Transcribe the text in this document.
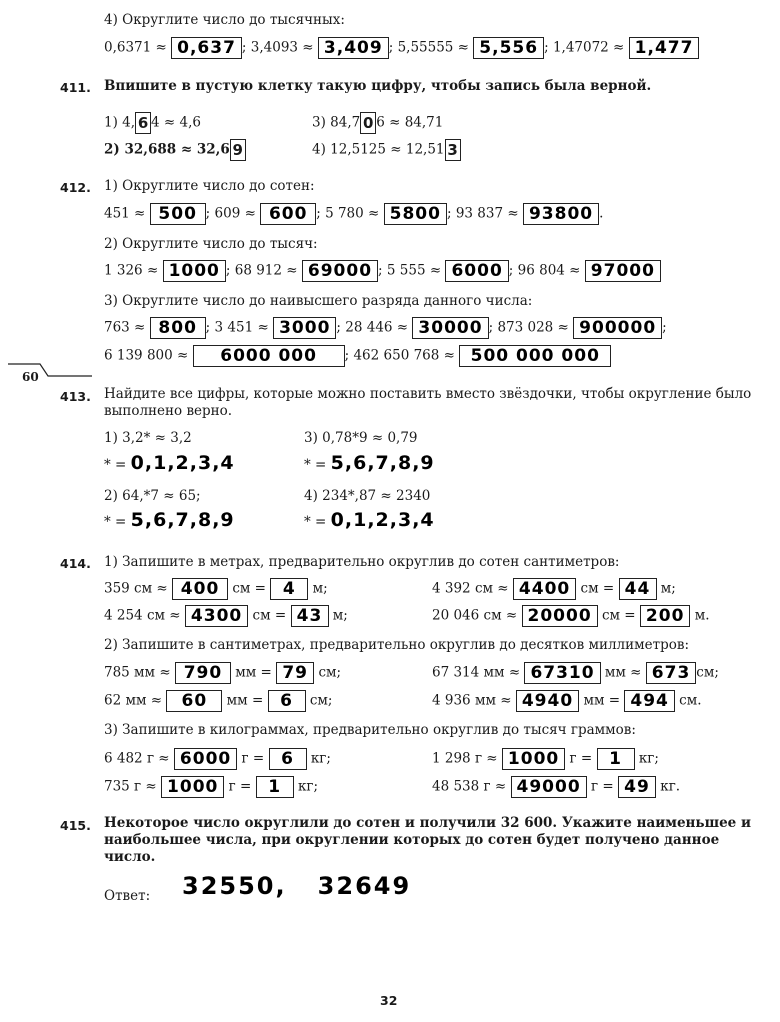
4) Округлите число до тысячных:
0,6371 ≈ 0,637 ; 3,4093 ≈ 3,409 ; 5,55555 ≈ 5,556 ; 1,47072 ≈ 1,477
411. Впишите в пустую клетку такую цифру, чтобы запись была верной.
1) 4, 6 4 ≈ 4,6	3) 84,7 0 6 ≈ 84,71
2) 32,688 ≈ 32,6 9	4) 12,5125 ≈ 12,51 3
412. 1) Округлите число до сотен:
451 ≈ 500 ; 609 ≈ 600 ; 5 780 ≈ 5800 ; 93 837 ≈ 93800 .
2) Округлите число до тысяч:
1 326 ≈ 1000 ; 68 912 ≈ 69000 ; 5 555 ≈ 6000 ; 96 804 ≈ 97000
3) Округлите число до наивысшего разряда данного числа:
763 ≈ 800 ; 3 451 ≈ 3000 ; 28 446 ≈ 30000 ; 873 028 ≈ 900000 ;
6 139 800 ≈ 6000 000 ; 462 650 768 ≈ 500 000 000
60
413. Найдите все цифры, которые можно поставить вместо звёздочки, чтобы округление было выполнено верно.
1) 3,2* ≈ 3,2
* = 0,1,2,3,4
3) 0,78*9 ≈ 0,79
* = 5,6,7,8,9
2) 64,*7 ≈ 65;
* = 5,6,7,8,9
4) 234*,87 ≈ 2340
* = 0,1,2,3,4
414. 1) Запишите в метрах, предварительно округлив до сотен сантиметров:
359 см ≈ 400 см = 4 м;	4 392 см ≈ 4400 см = 44 м;
4 254 см ≈ 4300 см = 43 м;	20 046 см ≈ 20000 см = 200 м.
2) Запишите в сантиметрах, предварительно округлив до десятков миллиметров:
785 мм ≈ 790 мм = 79 см;	67 314 мм ≈ 67310 мм ≈ 673 см;
62 мм ≈ 60 мм = 6 см;	4 936 мм ≈ 4940 мм = 494 см.
3) Запишите в килограммах, предварительно округлив до тысяч граммов:
6 482 г ≈ 6000 г = 6 кг;	1 298 г ≈ 1000 г = 1 кг;
735 г ≈ 1000 г = 1 кг;	48 538 г ≈ 49000 г = 49 кг.
415. Некоторое число округлили до сотен и получили 32 600. Укажите наименьшее и наибольшее числа, при округлении которых до сотен будет получено данное число.
Ответ: 32550,   32649
32
